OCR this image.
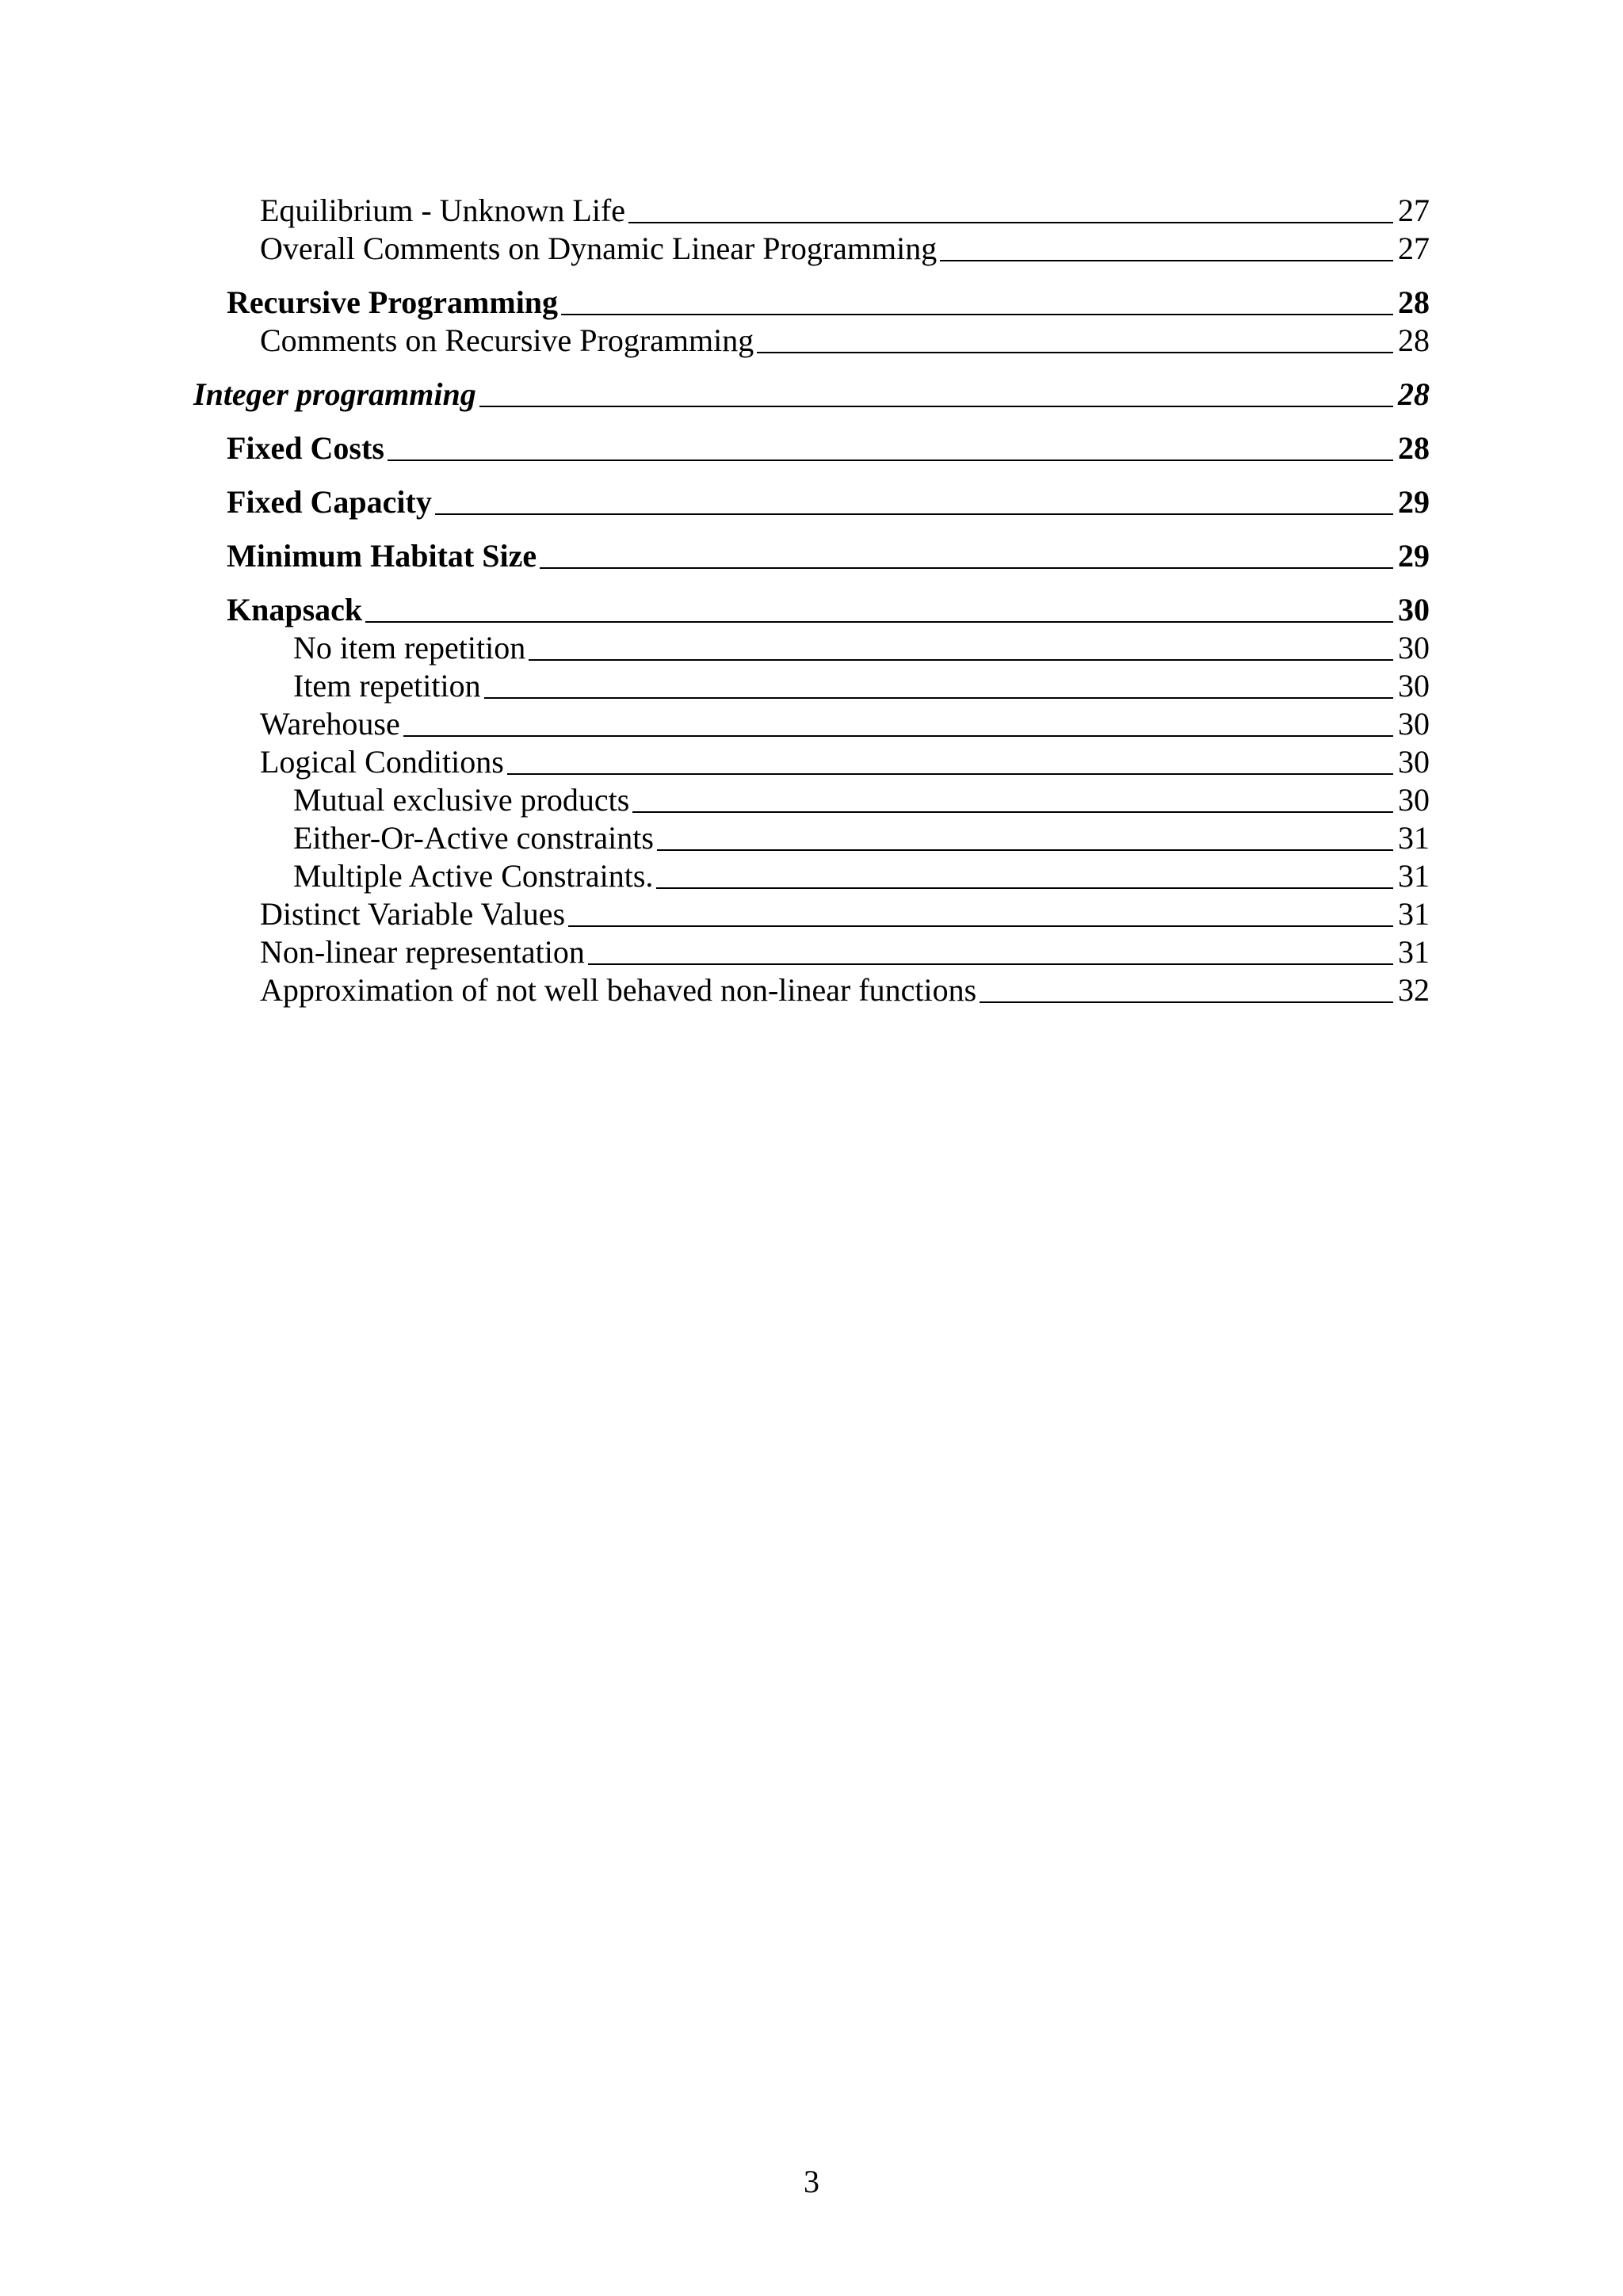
Equilibrium - Unknown Life	27
Overall Comments on Dynamic Linear Programming	27
Recursive Programming	28
Comments on Recursive Programming	28
Integer programming	28
Fixed Costs	28
Fixed Capacity	29
Minimum Habitat Size	29
Knapsack	30
No item repetition	30
Item repetition	30
Warehouse	30
Logical Conditions	30
Mutual exclusive products	30
Either-Or-Active constraints	31
Multiple Active Constraints.	31
Distinct Variable Values	31
Non-linear representation	31
Approximation of not well behaved non-linear functions	32
3
